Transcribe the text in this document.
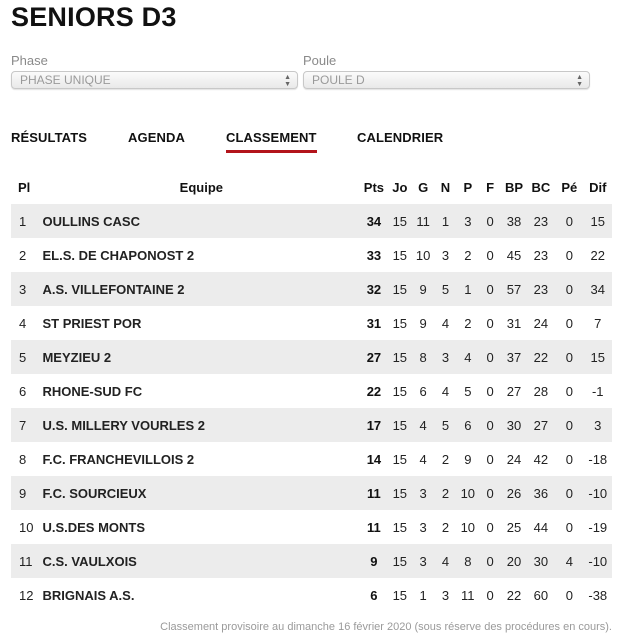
SENIORS D3
Phase
PHASE UNIQUE	▲
▼
Poule
POULE D	▲
▼
RÉSULTATS	AGENDA	CLASSEMENT	CALENDRIER
Pl	Equipe	Pts	Jo	G	N	P	F	BP	BC	Pé	Dif
1	OULLINS CASC	34	15	11	1	3	0	38	23	0	15
2	EL.S. DE CHAPONOST 2	33	15	10	3	2	0	45	23	0	22
3	A.S. VILLEFONTAINE 2	32	15	9	5	1	0	57	23	0	34
4	ST PRIEST POR	31	15	9	4	2	0	31	24	0	7
5	MEYZIEU 2	27	15	8	3	4	0	37	22	0	15
6	RHONE-SUD FC	22	15	6	4	5	0	27	28	0	-1
7	U.S. MILLERY VOURLES 2	17	15	4	5	6	0	30	27	0	3
8	F.C. FRANCHEVILLOIS 2	14	15	4	2	9	0	24	42	0	-18
9	F.C. SOURCIEUX	11	15	3	2	10	0	26	36	0	-10
10	U.S.DES MONTS	11	15	3	2	10	0	25	44	0	-19
11	C.S. VAULXOIS	9	15	3	4	8	0	20	30	4	-10
12	BRIGNAIS A.S.	6	15	1	3	11	0	22	60	0	-38
Classement provisoire au dimanche 16 février 2020 (sous réserve des procédures en cours).
